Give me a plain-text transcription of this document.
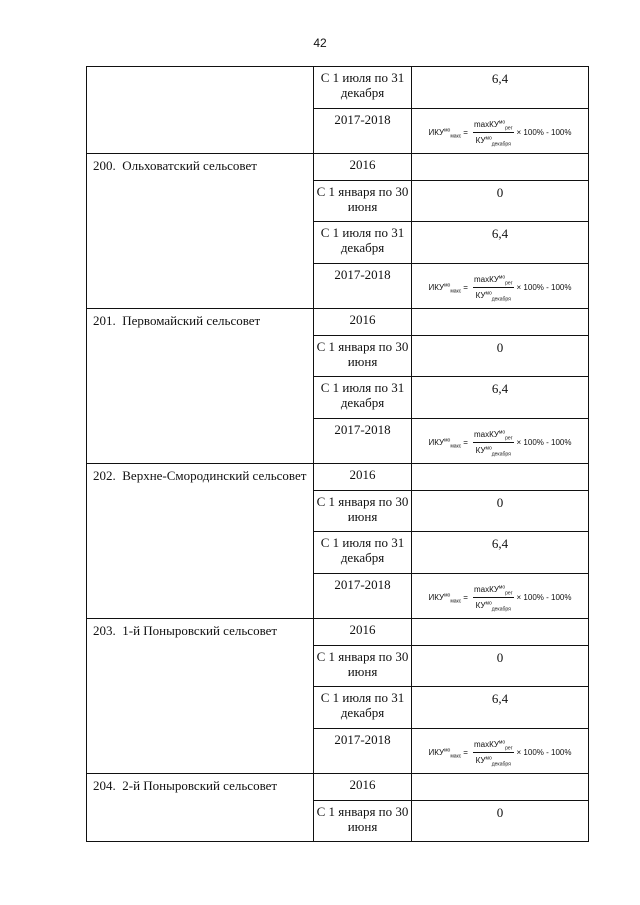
42
	С 1 июля по 31 декабря	6,4
	2017-2018	$ИКУ^{мо}_{макс} = \frac{\max КУ^{мо}_{рег}}{КУ^{мо}_{декабря}} \times 100\% - 100\%$

200. Ольховатский сельсовет	2016	
	С 1 января по 30 июня	0
	С 1 июля по 31 декабря	6,4
	2017-2018	$ИКУ^{мо}_{макс} = \frac{\max КУ^{мо}_{рег}}{КУ^{мо}_{декабря}} \times 100\% - 100\%$

201. Первомайский сельсовет	2016	
	С 1 января по 30 июня	0
	С 1 июля по 31 декабря	6,4
	2017-2018	$ИКУ^{мо}_{макс} = \frac{\max КУ^{мо}_{рег}}{КУ^{мо}_{декабря}} \times 100\% - 100\%$

202. Верхне-Смородинский сельсовет	2016	
	С 1 января по 30 июня	0
	С 1 июля по 31 декабря	6,4
	2017-2018	$ИКУ^{мо}_{макс} = \frac{\max КУ^{мо}_{рег}}{КУ^{мо}_{декабря}} \times 100\% - 100\%$

203. 1-й Поныровский сельсовет	2016	
	С 1 января по 30 июня	0
	С 1 июля по 31 декабря	6,4
	2017-2018	$ИКУ^{мо}_{макс} = \frac{\max КУ^{мо}_{рег}}{КУ^{мо}_{декабря}} \times 100\% - 100\%$

204. 2-й Поныровский сельсовет	2016	
	С 1 января по 30 июня	0
